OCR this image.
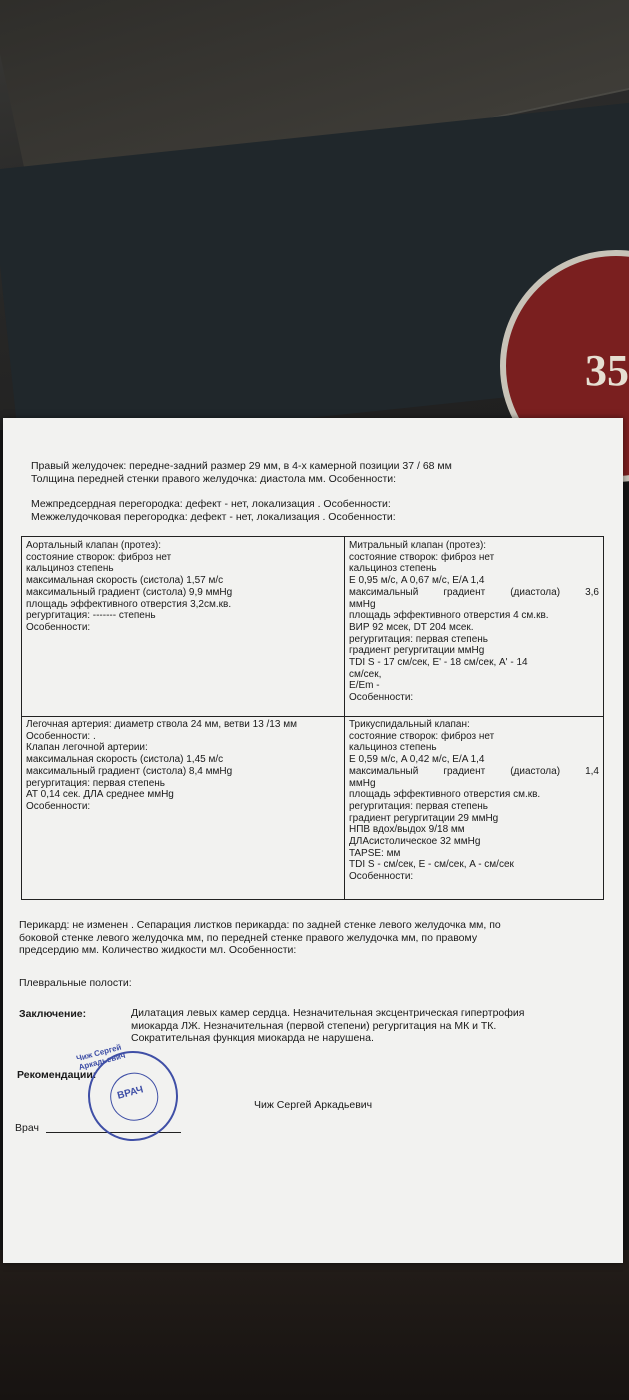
35
Правый желудочек: передне-задний размер 29 мм, в 4-х камерной позиции 37 / 68 мм
Толщина передней стенки правого желудочка: диастола мм. Особенности:
Межпредсердная перегородка: дефект - нет, локализация . Особенности:
Межжелудочковая перегородка: дефект - нет, локализация . Особенности:
Аортальный клапан (протез):
состояние створок: фиброз нет
кальциноз степень
максимальная скорость (систола) 1,57 м/с
максимальный градиент (систола) 9,9 ммHg
площадь эффективного отверстия 3,2см.кв.
регургитация: ------- степень
Особенности:
Митральный клапан (протез):
состояние створок: фиброз нет
кальциноз степень
E 0,95 м/с, A 0,67 м/с, E/A 1,4
максимальный	градиент	(диастола)	3,6
ммHg
площадь эффективного отверстия 4 см.кв.
ВИР 92 мсек, DT 204 мсек.
регургитация: первая степень
градиент регургитации ммHg
TDI S - 17 см/сек, E' - 18 см/сек, A' - 14
см/сек,
E/Em -
Особенности:
Легочная артерия: диаметр ствола 24 мм, ветви 13 /13 мм
Особенности: .
Клапан легочной артерии:
максимальная скорость (систола) 1,45 м/с
максимальный градиент (систола) 8,4 ммHg
регургитация: первая степень
AT 0,14 сек. ДЛА среднее ммHg
Особенности:
Трикуспидальный клапан:
состояние створок: фиброз нет
кальциноз степень
E 0,59 м/с, A 0,42 м/с, E/A 1,4
максимальный	градиент	(диастола)	1,4
ммHg
площадь эффективного отверстия см.кв.
регургитация: первая степень
градиент регургитации 29 ммHg
НПВ вдох/выдох 9/18 мм
ДЛАсистолическое 32 ммHg
TAPSE: мм
TDI S - см/сек, E - см/сек, A - см/сек
Особенности:
Перикард: не изменен . Сепарация листков перикарда: по задней стенке левого желудочка мм, по
боковой стенке левого желудочка мм, по передней стенке правого желудочка мм, по правому
предсердию мм. Количество жидкости мл. Особенности:
Плевральные полости:
Заключение:	Дилатация левых камер сердца. Незначительная эксцентрическая гипертрофия
миокарда ЛЖ. Незначительная (первой степени) регургитация на МК и ТК.
Сократительная функция миокарда не нарушена.
Рекомендации:
Врач
Чиж Сергей Аркадьевич
Чиж Сергей Аркадьевич
ВРАЧ
